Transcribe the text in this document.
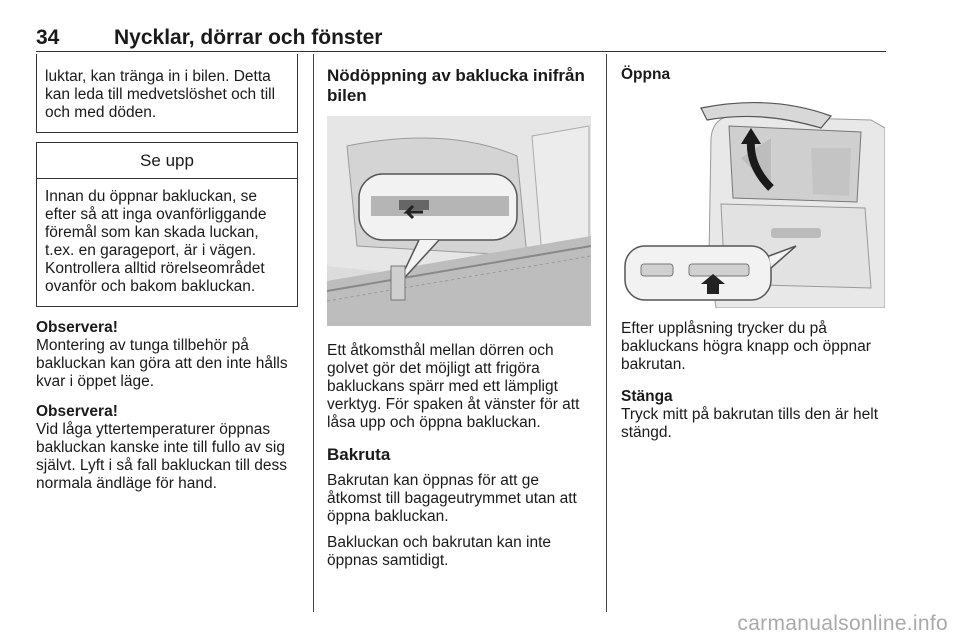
34	Nycklar, dörrar och fönster
luktar, kan tränga in i bilen. Detta kan leda till medvetslöshet och till och med döden.
Se upp
Innan du öppnar bakluckan, se efter så att inga ovanförliggande föremål som kan skada luckan, t.ex. en garageport, är i vägen. Kontrollera alltid rörelseområdet ovanför och bakom bakluckan.
Observera!
Montering av tunga tillbehör på bakluckan kan göra att den inte hålls kvar i öppet läge.
Observera!
Vid låga yttertemperaturer öppnas bakluckan kanske inte till fullo av sig självt. Lyft i så fall bakluckan till dess normala ändläge för hand.
Nödöppning av baklucka inifrån bilen
Ett åtkomsthål mellan dörren och golvet gör det möjligt att frigöra bakluckans spärr med ett lämpligt verktyg. För spaken åt vänster för att låsa upp och öppna bakluckan.
Bakruta
Bakrutan kan öppnas för att ge åtkomst till bagageutrymmet utan att öppna bakluckan.
Bakluckan och bakrutan kan inte öppnas samtidigt.
Öppna
Efter upplåsning trycker du på bakluckans högra knapp och öppnar bakrutan.
Stänga
Tryck mitt på bakrutan tills den är helt stängd.
carmanualsonline.info
